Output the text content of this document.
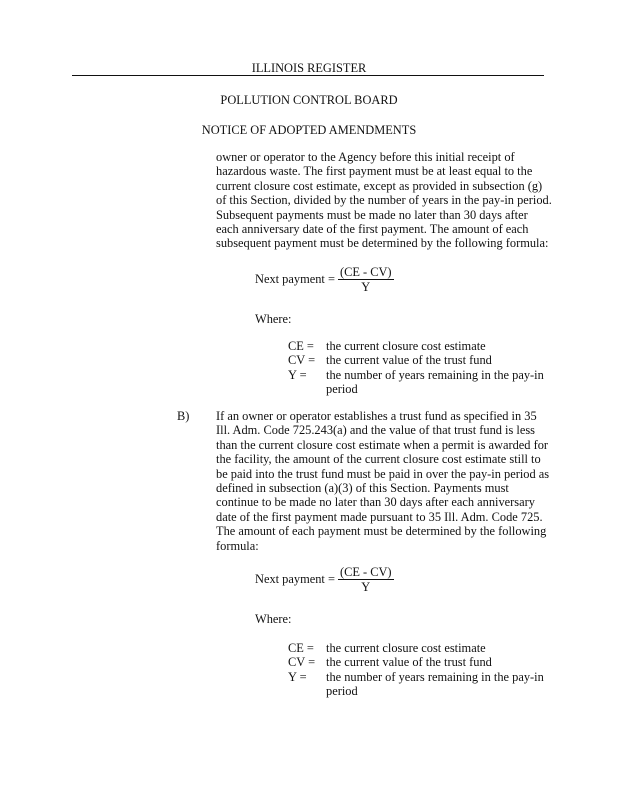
ILLINOIS REGISTER
POLLUTION CONTROL BOARD
NOTICE OF ADOPTED AMENDMENTS
owner or operator to the Agency before this initial receipt of
hazardous waste. The first payment must be at least equal to the
current closure cost estimate, except as provided in subsection (g)
of this Section, divided by the number of years in the pay-in period.
Subsequent payments must be made no later than 30 days after
each anniversary date of the first payment. The amount of each
subsequent payment must be determined by the following formula:
Next payment = $\frac{(CE - CV)}{Y}$
Where:
CE = the current closure cost estimate
CV = the current value of the trust fund
Y =	the number of years remaining in the pay-in period
B) If an owner or operator establishes a trust fund as specified in 35
Ill. Adm. Code 725.243(a) and the value of that trust fund is less
than the current closure cost estimate when a permit is awarded for
the facility, the amount of the current closure cost estimate still to
be paid into the trust fund must be paid in over the pay-in period as
defined in subsection (a)(3) of this Section. Payments must
continue to be made no later than 30 days after each anniversary
date of the first payment made pursuant to 35 Ill. Adm. Code 725.
The amount of each payment must be determined by the following
formula:
Next payment = $\frac{(CE - CV)}{Y}$
Where:
CE = the current closure cost estimate
CV = the current value of the trust fund
Y =	the number of years remaining in the pay-in period
